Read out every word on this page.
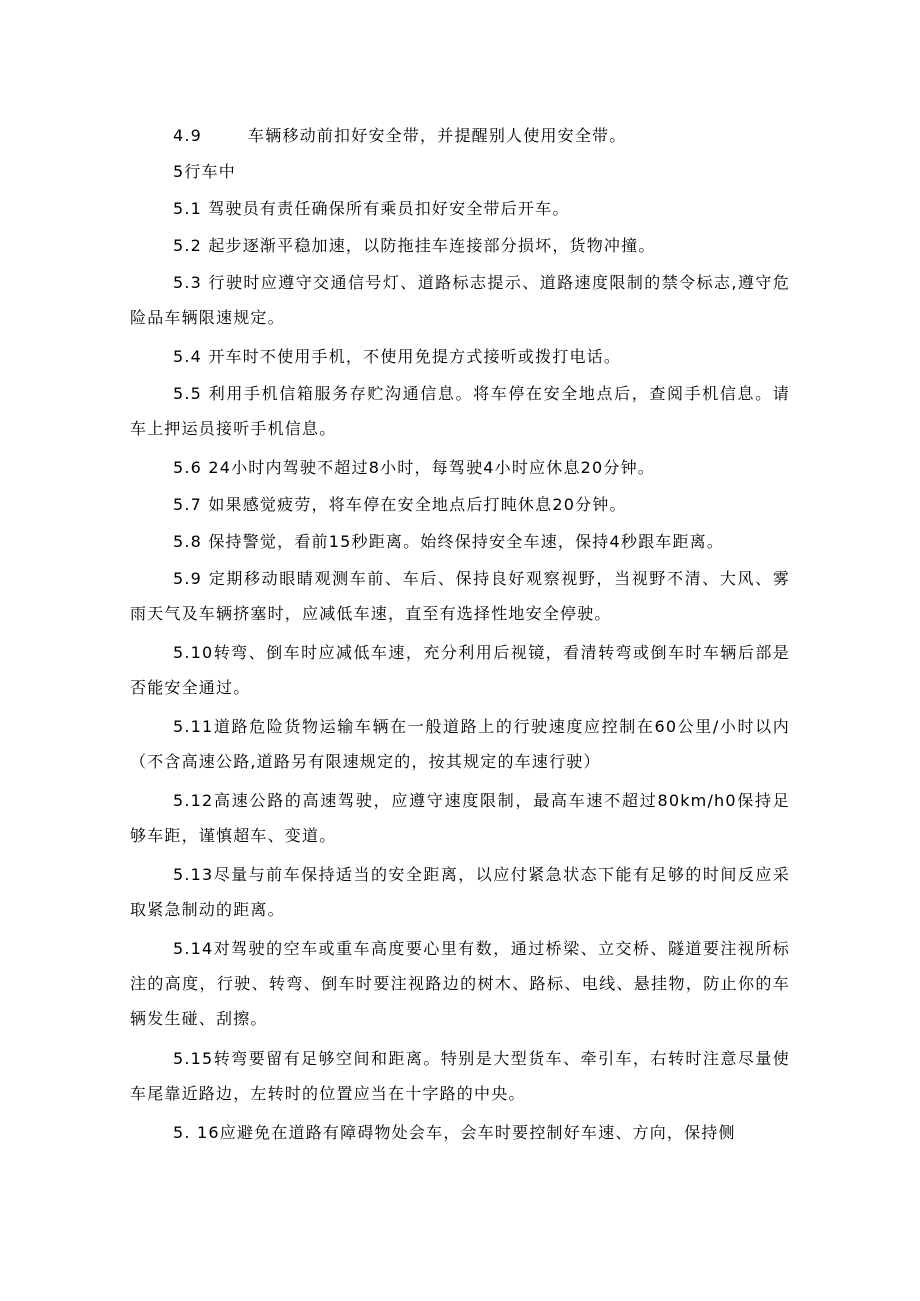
4.9	车辆移动前扣好安全带，并提醒别人使用安全带。

5行车中

5.1 驾驶员有责任确保所有乘员扣好安全带后开车。

5.2 起步逐渐平稳加速，以防拖挂车连接部分损坏，货物冲撞。

5.3 行驶时应遵守交通信号灯、道路标志提示、道路速度限制的禁令标志,遵守危险品车辆限速规定。

5.4 开车时不使用手机，不使用免提方式接听或拨打电话。

5.5 利用手机信箱服务存贮沟通信息。将车停在安全地点后，查阅手机信息。请车上押运员接听手机信息。

5.6 24小时内驾驶不超过8小时，每驾驶4小时应休息20分钟。

5.7 如果感觉疲劳，将车停在安全地点后打盹休息20分钟。

5.8 保持警觉，看前15秒距离。始终保持安全车速，保持4秒跟车距离。

5.9 定期移动眼睛观测车前、车后、保持良好观察视野，当视野不清、大风、雾雨天气及车辆挤塞时，应减低车速，直至有选择性地安全停驶。

5.10转弯、倒车时应减低车速，充分利用后视镜，看清转弯或倒车时车辆后部是否能安全通过。

5.11道路危险货物运输车辆在一般道路上的行驶速度应控制在60公里/小时以内（不含高速公路,道路另有限速规定的，按其规定的车速行驶）

5.12高速公路的高速驾驶，应遵守速度限制，最高车速不超过80km/h0保持足够车距，谨慎超车、变道。

5.13尽量与前车保持适当的安全距离，以应付紧急状态下能有足够的时间反应采取紧急制动的距离。

5.14对驾驶的空车或重车高度要心里有数，通过桥梁、立交桥、隧道要注视所标注的高度，行驶、转弯、倒车时要注视路边的树木、路标、电线、悬挂物，防止你的车辆发生碰、刮擦。

5.15转弯要留有足够空间和距离。特别是大型货车、牵引车，右转时注意尽量使车尾靠近路边，左转时的位置应当在十字路的中央。

5. 16应避免在道路有障碍物处会车，会车时要控制好车速、方向，保持侧
